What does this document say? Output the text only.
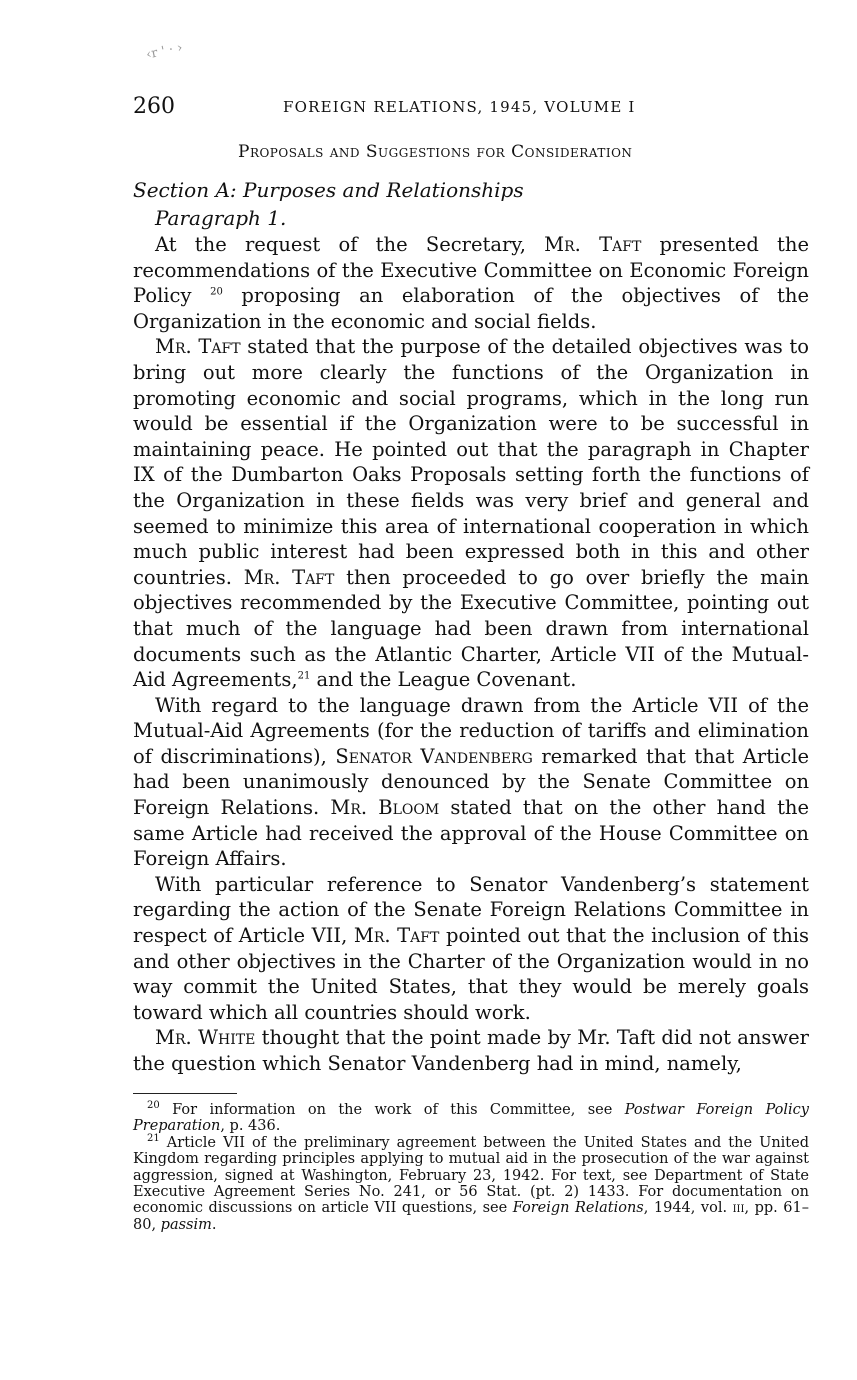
‹r ' · ›
260	FOREIGN RELATIONS, 1945, VOLUME I
Proposals and Suggestions for Consideration
Section A: Purposes and Relationships
Paragraph 1.

At the request of the Secretary, Mr. Taft presented the recommendations of the Executive Committee on Economic Foreign Policy $^{20}$ proposing an elaboration of the objectives of the Organization in the economic and social fields.

Mr. Taft stated that the purpose of the detailed objectives was to bring out more clearly the functions of the Organization in promoting economic and social programs, which in the long run would be essential if the Organization were to be successful in maintaining peace. He pointed out that the paragraph in Chapter IX of the Dumbarton Oaks Proposals setting forth the functions of the Organization in these fields was very brief and general and seemed to minimize this area of international cooperation in which much public interest had been expressed both in this and other countries. Mr. Taft then proceeded to go over briefly the main objectives recommended by the Executive Committee, pointing out that much of the language had been drawn from international documents such as the Atlantic Charter, Article VII of the Mutual-Aid Agreements,$^{21}$ and the League Covenant.

With regard to the language drawn from the Article VII of the Mutual-Aid Agreements (for the reduction of tariffs and elimination of discriminations), Senator Vandenberg remarked that that Article had been unanimously denounced by the Senate Committee on Foreign Relations. Mr. Bloom stated that on the other hand the same Article had received the approval of the House Committee on Foreign Affairs.

With particular reference to Senator Vandenberg’s statement regarding the action of the Senate Foreign Relations Committee in respect of Article VII, Mr. Taft pointed out that the inclusion of this and other objectives in the Charter of the Organization would in no way commit the United States, that they would be merely goals toward which all countries should work.

Mr. White thought that the point made by Mr. Taft did not answer the question which Senator Vandenberg had in mind, namely,

$^{20}$ For information on the work of this Committee, see Postwar Foreign Policy Preparation, p. 436.

$^{21}$ Article VII of the preliminary agreement between the United States and the United Kingdom regarding principles applying to mutual aid in the prosecution of the war against aggression, signed at Washington, February 23, 1942. For text, see Department of State Executive Agreement Series No. 241, or 56 Stat. (pt. 2) 1433. For documentation on economic discussions on article VII questions, see Foreign Relations, 1944, vol. iii, pp. 61–80, passim.
